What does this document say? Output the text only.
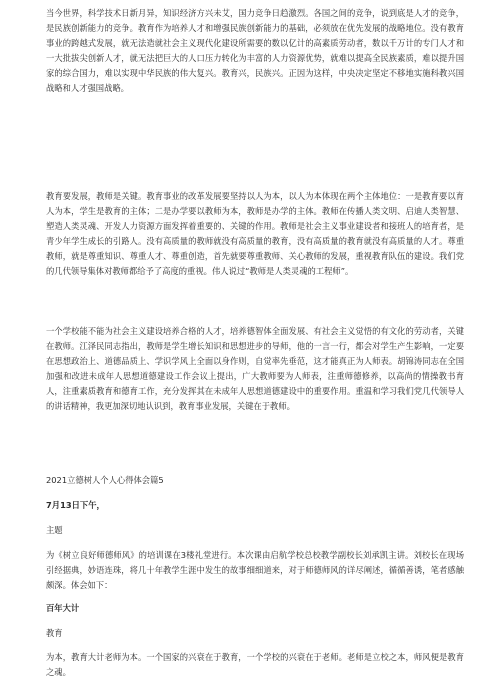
当今世界，科学技术日新月异，知识经济方兴未艾，国力竞争日趋激烈。各国之间的竞争，说到底是人才的竞争，是民族创新能力的竞争。教育作为培养人才和增强民族创新能力的基础，必须放在优先发展的战略地位。没有教育事业的跨越式发展，就无法造就社会主义现代化建设所需要的数以亿计的高素质劳动者，数以千万计的专门人才和一大批拔尖创新人才，就无法把巨大的人口压力转化为丰富的人力资源优势，就难以提高全民族素质，难以提升国家的综合国力，难以实现中华民族的伟大复兴。教育兴，民族兴。正因为这样，中央决定坚定不移地实施科教兴国战略和人才强国战略。

教育要发展，教师是关键。教育事业的改革发展要坚持以人为本，以人为本体现在两个主体地位：一是教育要以育人为本，学生是教育的主体；二是办学要以教师为本，教师是办学的主体。教师在传播人类文明、启迪人类智慧、塑造人类灵魂、开发人力资源方面发挥着重要的、关键的作用。教师是社会主义事业建设者和接班人的培育者，是青少年学生成长的引路人。没有高质量的教师就没有高质量的教育，没有高质量的教育就没有高质量的人才。尊重教师，就是尊重知识、尊重人才、尊重创造，首先就要尊重教师、关心教师的发展，重视教育队伍的建设。我们党的几代领导集体对教师都给予了高度的重视。伟人说过“教师是人类灵魂的工程师”。

一个学校能不能为社会主义建设培养合格的人才，培养德智体全面发展、有社会主义觉悟的有文化的劳动者，关键在教师。江泽民同志指出，教师是学生增长知识和思想进步的导师，他的一言一行，都会对学生产生影响，一定要在思想政治上、道德品质上、学识学风上全面以身作则，自觉率先垂范，这才能真正为人师表。胡锦涛同志在全国加强和改进未成年人思想道德建设工作会议上提出，广大教师要为人师表，注重师德修养，以高尚的情操教书育人，注重素质教育和德育工作，充分发挥其在未成年人思想道德建设中的重要作用。重温和学习我们党几代领导人的讲话精神，我更加深切地认识到，教育事业发展，关键在于教师。

2021立德树人个人心得体会篇5
7月13日下午，
主题

为《树立良好师德师风》的培训课在3楼礼堂进行。本次课由启航学校总校教学副校长刘承凯主讲。刘校长在现场引经据典，妙语连珠，将几十年教学生涯中发生的故事细细道来，对于师德师风的详尽阐述，循循善诱，笔者感触颇深。体会如下：

百年大计
教育

为本，教育大计老师为本。一个国家的兴衰在于教育，一个学校的兴衰在于老师。老师是立校之本，师风便是教育之魂。
